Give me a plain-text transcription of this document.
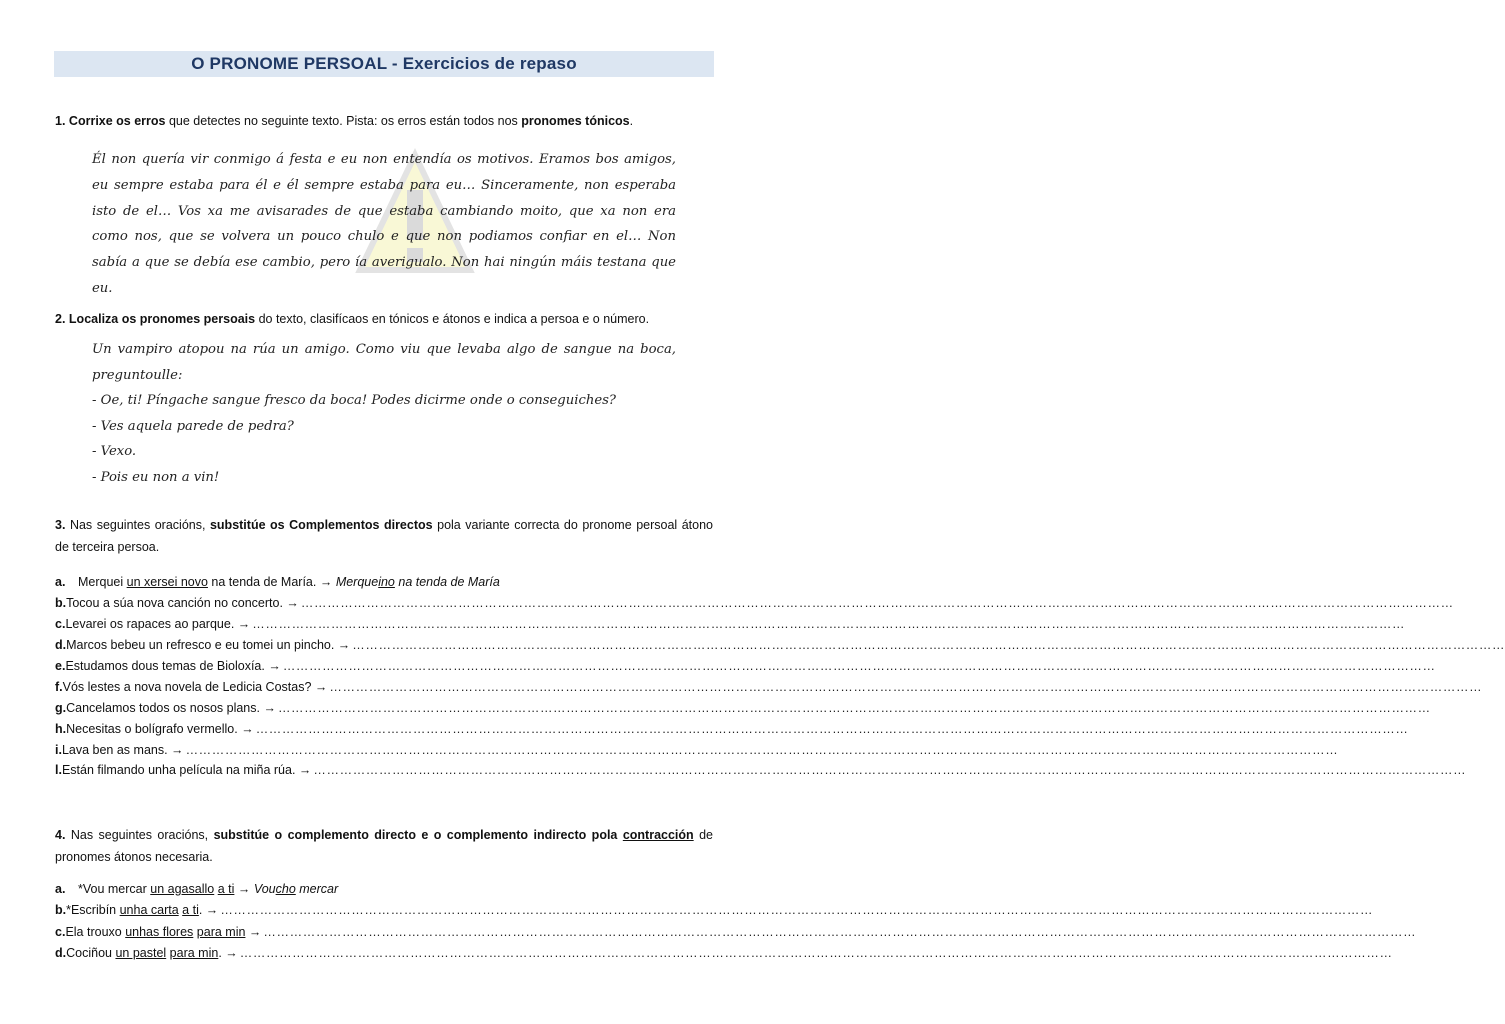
O PRONOME PERSOAL - Exercicios de repaso
1. Corrixe os erros que detectes no seguinte texto. Pista: os erros están todos nos pronomes tónicos.

Él non quería vir conmigo á festa e eu non entendía os motivos. Eramos bos amigos, eu sempre estaba para él e él sempre estaba para eu… Sinceramente, non esperaba isto de el… Vos xa me avisarades de que estaba cambiando moito, que xa non era como nos, que se volvera un pouco chulo e que non podiamos confiar en el… Non sabía a que se debía ese cambio, pero ía averigualo. Non hai ningún máis testana que eu.

2. Localiza os pronomes persoais do texto, clasifícaos en tónicos e átonos e indica a persoa e o número.

Un vampiro atopou na rúa un amigo. Como viu que levaba algo de sangue na boca, preguntoulle:

- Oe, ti! Píngache sangue fresco da boca! Podes dicirme onde o conseguiches?

- Ves aquela parede de pedra?

- Vexo.

- Pois eu non a vin!

3. Nas seguintes oracións, substitúe os Complementos directos pola variante correcta do pronome persoal átono de terceira persoa.
a.	Merquei un xersei novo na tenda de María. → Merqueino na tenda de María
b. Tocou a súa nova canción no concerto. → …………………………………………………………………………………………………………………………………………………………………………………………………………………………………………
c. Levarei os rapaces ao parque. → …………………………………………………………………………………………………………………………………………………………………………………………………………………………………………
d. Marcos bebeu un refresco e eu tomei un pincho. → …………………………………………………………………………………………………………………………………………………………………………………………………………………………………………
e. Estudamos dous temas de Bioloxía. → …………………………………………………………………………………………………………………………………………………………………………………………………………………………………………
f. Vós lestes a nova novela de Ledicia Costas? → …………………………………………………………………………………………………………………………………………………………………………………………………………………………………………
g. Cancelamos todos os nosos plans. → …………………………………………………………………………………………………………………………………………………………………………………………………………………………………………
h. Necesitas o bolígrafo vermello. → …………………………………………………………………………………………………………………………………………………………………………………………………………………………………………
i. Lava ben as mans. → …………………………………………………………………………………………………………………………………………………………………………………………………………………………………………
l. Están filmando unha película na miña rúa. → …………………………………………………………………………………………………………………………………………………………………………………………………………………………………………
4. Nas seguintes oracións, substitúe o complemento directo e o complemento indirecto pola contracción de pronomes átonos necesaria.
a.	*Vou mercar un agasallo a ti → Voucho mercar
b. *Escribín unha carta a ti. → …………………………………………………………………………………………………………………………………………………………………………………………………………………………………………
c. Ela trouxo unhas flores para min → …………………………………………………………………………………………………………………………………………………………………………………………………………………………………………
d. Cociñou un pastel para min. → …………………………………………………………………………………………………………………………………………………………………………………………………………………………………………
